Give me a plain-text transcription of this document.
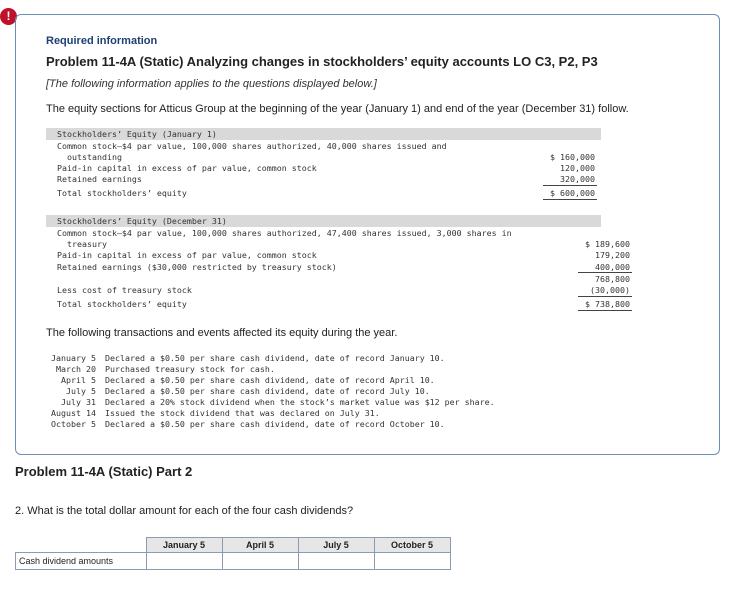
!
Required information
Problem 11-4A (Static) Analyzing changes in stockholders’ equity accounts LO C3, P2, P3
[The following information applies to the questions displayed below.]
The equity sections for Atticus Group at the beginning of the year (January 1) and end of the year (December 31) follow.
Stockholders’ Equity (January 1)
Common stock—$4 par value, 100,000 shares authorized, 40,000 shares issued and
outstanding	$ 160,000
Paid-in capital in excess of par value, common stock	120,000
Retained earnings	320,000
Total stockholders’ equity	$ 600,000
Stockholders’ Equity (December 31)
Common stock—$4 par value, 100,000 shares authorized, 47,400 shares issued, 3,000 shares in
treasury	$ 189,600
Paid-in capital in excess of par value, common stock	179,200
Retained earnings ($30,000 restricted by treasury stock)	400,000
768,800
Less cost of treasury stock	(30,000)
Total stockholders’ equity	$ 738,800
The following transactions and events affected its equity during the year.
January 5 Declared a $0.50 per share cash dividend, date of record January 10.
March 20 Purchased treasury stock for cash.
April 5 Declared a $0.50 per share cash dividend, date of record April 10.
July 5 Declared a $0.50 per share cash dividend, date of record July 10.
July 31 Declared a 20% stock dividend when the stock’s market value was $12 per share.
August 14 Issued the stock dividend that was declared on July 31.
October 5 Declared a $0.50 per share cash dividend, date of record October 10.
Problem 11-4A (Static) Part 2
2. What is the total dollar amount for each of the four cash dividends?
	January 5	April 5	July 5	October 5
Cash dividend amounts				
